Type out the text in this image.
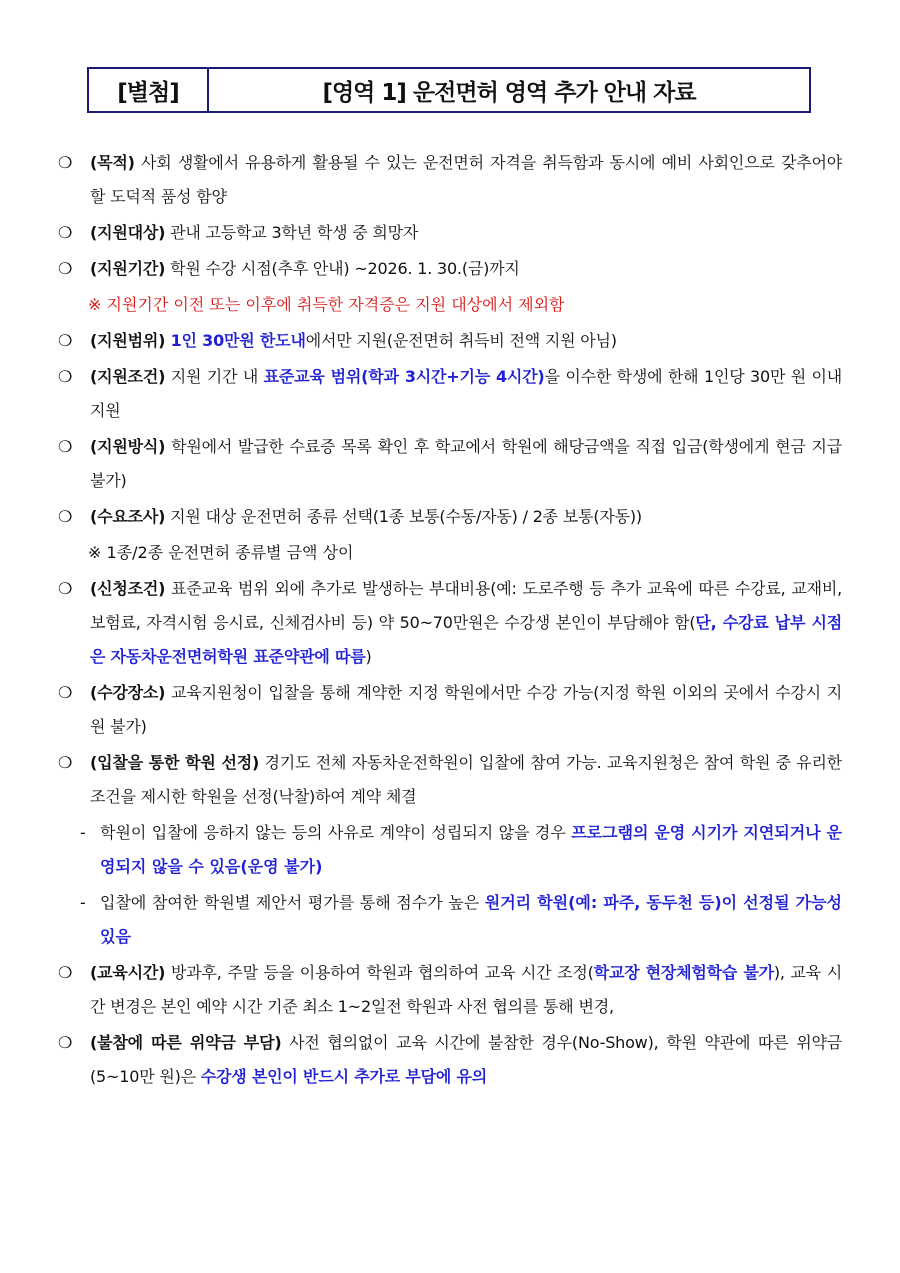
[별첨]	[영역 1] 운전면허 영역 추가 안내 자료
❍	(목적) 사회 생활에서 유용하게 활용될 수 있는 운전면허 자격을 취득함과 동시에 예비 사회인으로 갖추어야 할 도덕적 품성 함양
❍	(지원대상) 관내 고등학교 3학년 학생 중 희망자
❍	(지원기간) 학원 수강 시점(추후 안내) ~2026. 1. 30.(금)까지
※ 지원기간 이전 또는 이후에 취득한 자격증은 지원 대상에서 제외함
❍	(지원범위) 1인 30만원 한도내에서만 지원(운전면허 취득비 전액 지원 아님)
❍	(지원조건) 지원 기간 내 표준교육 범위(학과 3시간+기능 4시간)을 이수한 학생에 한해 1인당 30만 원 이내 지원
❍	(지원방식) 학원에서 발급한 수료증 목록 확인 후 학교에서 학원에 해당금액을 직접 입금(학생에게 현금 지급 불가)
❍	(수요조사) 지원 대상 운전면허 종류 선택(1종 보통(수동/자동) / 2종 보통(자동))
※ 1종/2종 운전면허 종류별 금액 상이
❍	(신청조건) 표준교육 범위 외에 추가로 발생하는 부대비용(예: 도로주행 등 추가 교육에 따른 수강료, 교재비, 보험료, 자격시험 응시료, 신체검사비 등) 약 50~70만원은 수강생 본인이 부담해야 함(단, 수강료 납부 시점은 자동차운전면허학원 표준약관에 따름)
❍	(수강장소) 교육지원청이 입찰을 통해 계약한 지정 학원에서만 수강 가능(지정 학원 이외의 곳에서 수강시 지원 불가)
❍	(입찰을 통한 학원 선정) 경기도 전체 자동차운전학원이 입찰에 참여 가능. 교육지원청은 참여 학원 중 유리한 조건을 제시한 학원을 선정(낙찰)하여 계약 체결
- 학원이 입찰에 응하지 않는 등의 사유로 계약이 성립되지 않을 경우 프로그램의 운영 시기가 지연되거나 운영되지 않을 수 있음(운영 불가)
- 입찰에 참여한 학원별 제안서 평가를 통해 점수가 높은 원거리 학원(예: 파주, 동두천 등)이 선정될 가능성 있음
❍	(교육시간) 방과후, 주말 등을 이용하여 학원과 협의하여 교육 시간 조정(학교장 현장체험학습 불가), 교육 시간 변경은 본인 예약 시간 기준 최소 1~2일전 학원과 사전 협의를 통해 변경,
❍	(불참에 따른 위약금 부담) 사전 협의없이 교육 시간에 불참한 경우(No-Show), 학원 약관에 따른 위약금(5~10만 원)은 수강생 본인이 반드시 추가로 부담에 유의
